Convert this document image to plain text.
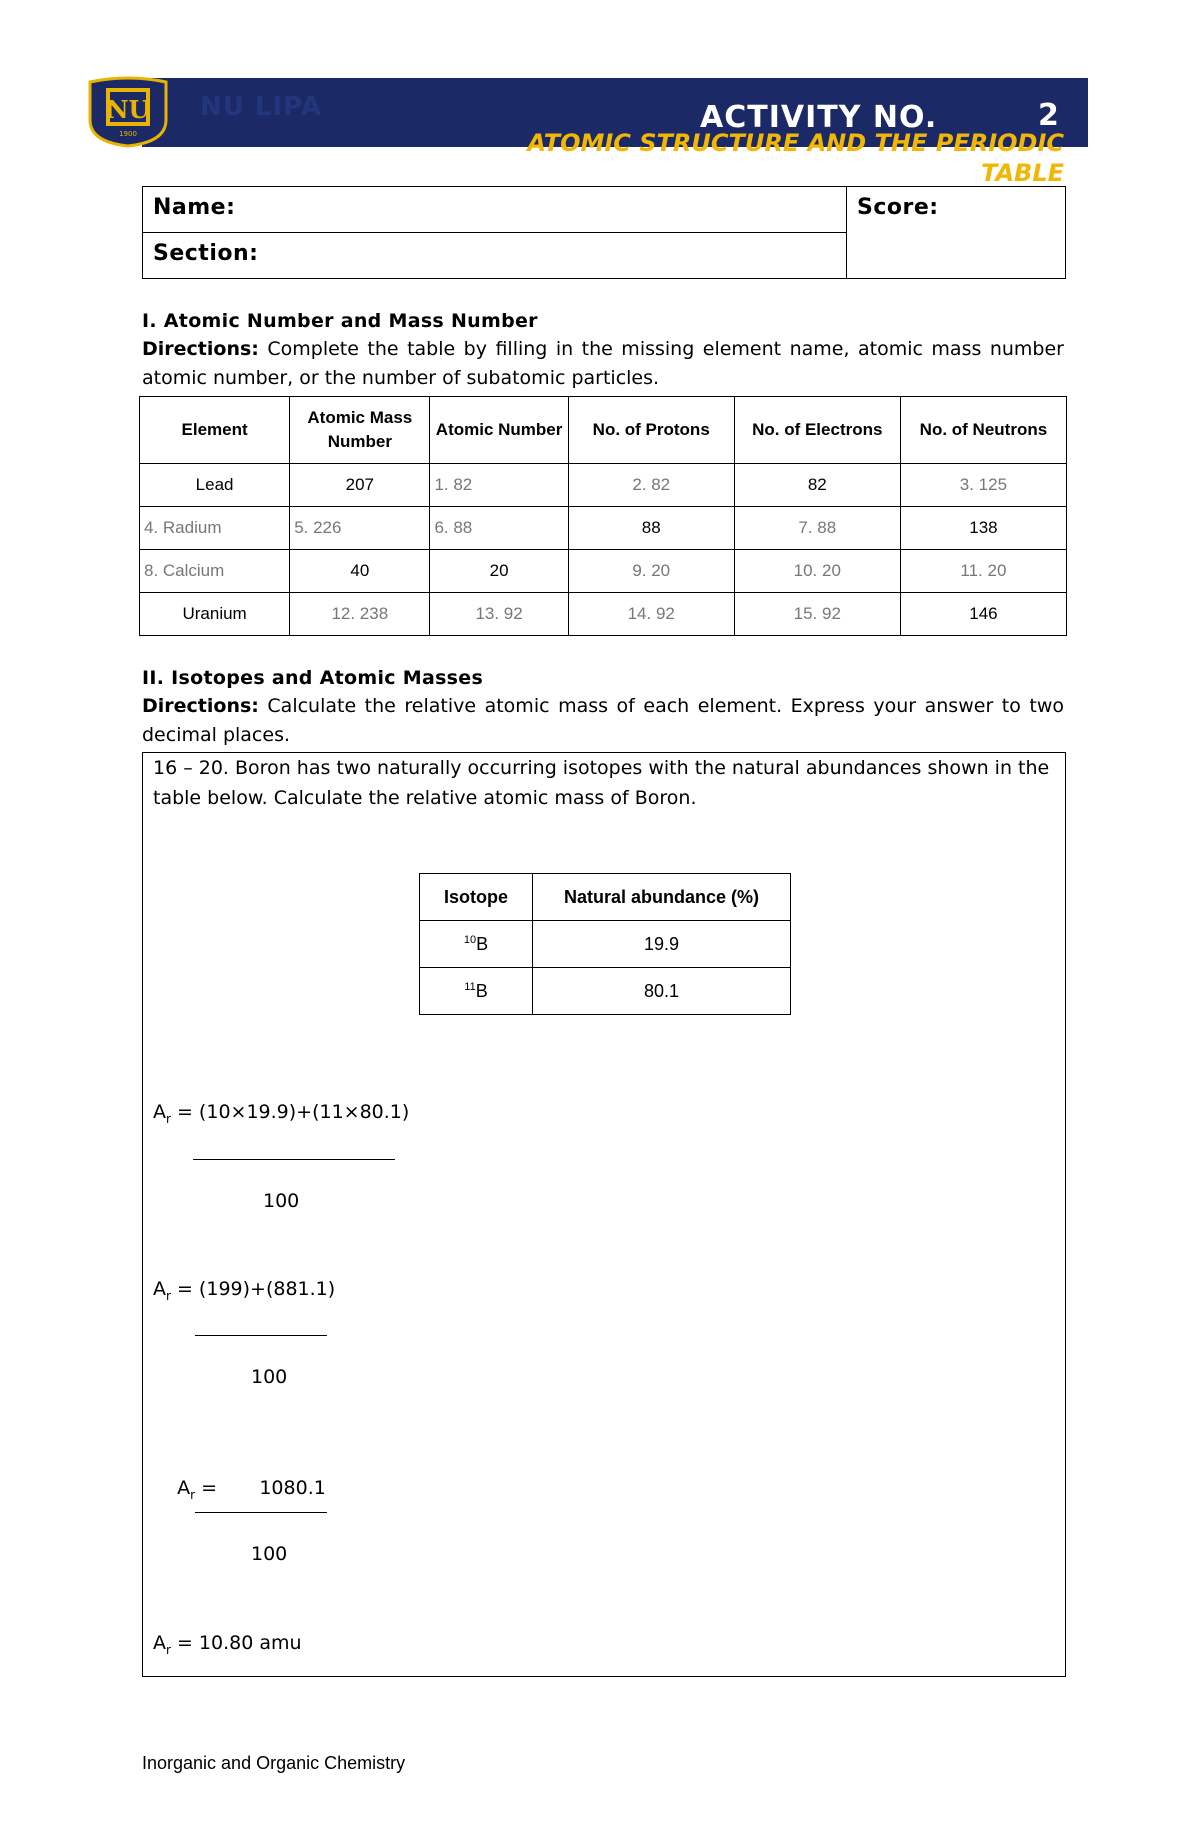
NU
1900
NU LIPA	ACTIVITY NO.	2
ATOMIC STRUCTURE AND THE PERIODIC
TABLE
Name:
Section:
Score:
I. Atomic Number and Mass Number
Directions: Complete the table by filling in the missing element name, atomic mass number atomic number, or the number of subatomic particles.
Element	Atomic Mass Number	Atomic Number	No. of Protons	No. of Electrons	No. of Neutrons
Lead	207	1. 82	2. 82	82	3. 125
4. Radium	5. 226	6. 88	88	7. 88	138
8. Calcium	40	20	9. 20	10. 20	11. 20
Uranium	12. 238	13. 92	14. 92	15. 92	146
II. Isotopes and Atomic Masses
Directions: Calculate the relative atomic mass of each element. Express your answer to two decimal places.
16 – 20. Boron has two naturally occurring isotopes with the natural abundances shown in the table below. Calculate the relative atomic mass of Boron.
Isotope	Natural abundance (%)
$^{10}$B	19.9
$^{11}$B	80.1
$A_r = (10\times 19.9)+(11\times 80.1)$
100
$A_r = (199)+(881.1)$
100

$A_r$ =       1080.1

100
$A_r = 10.80$ amu
Inorganic and Organic Chemistry
